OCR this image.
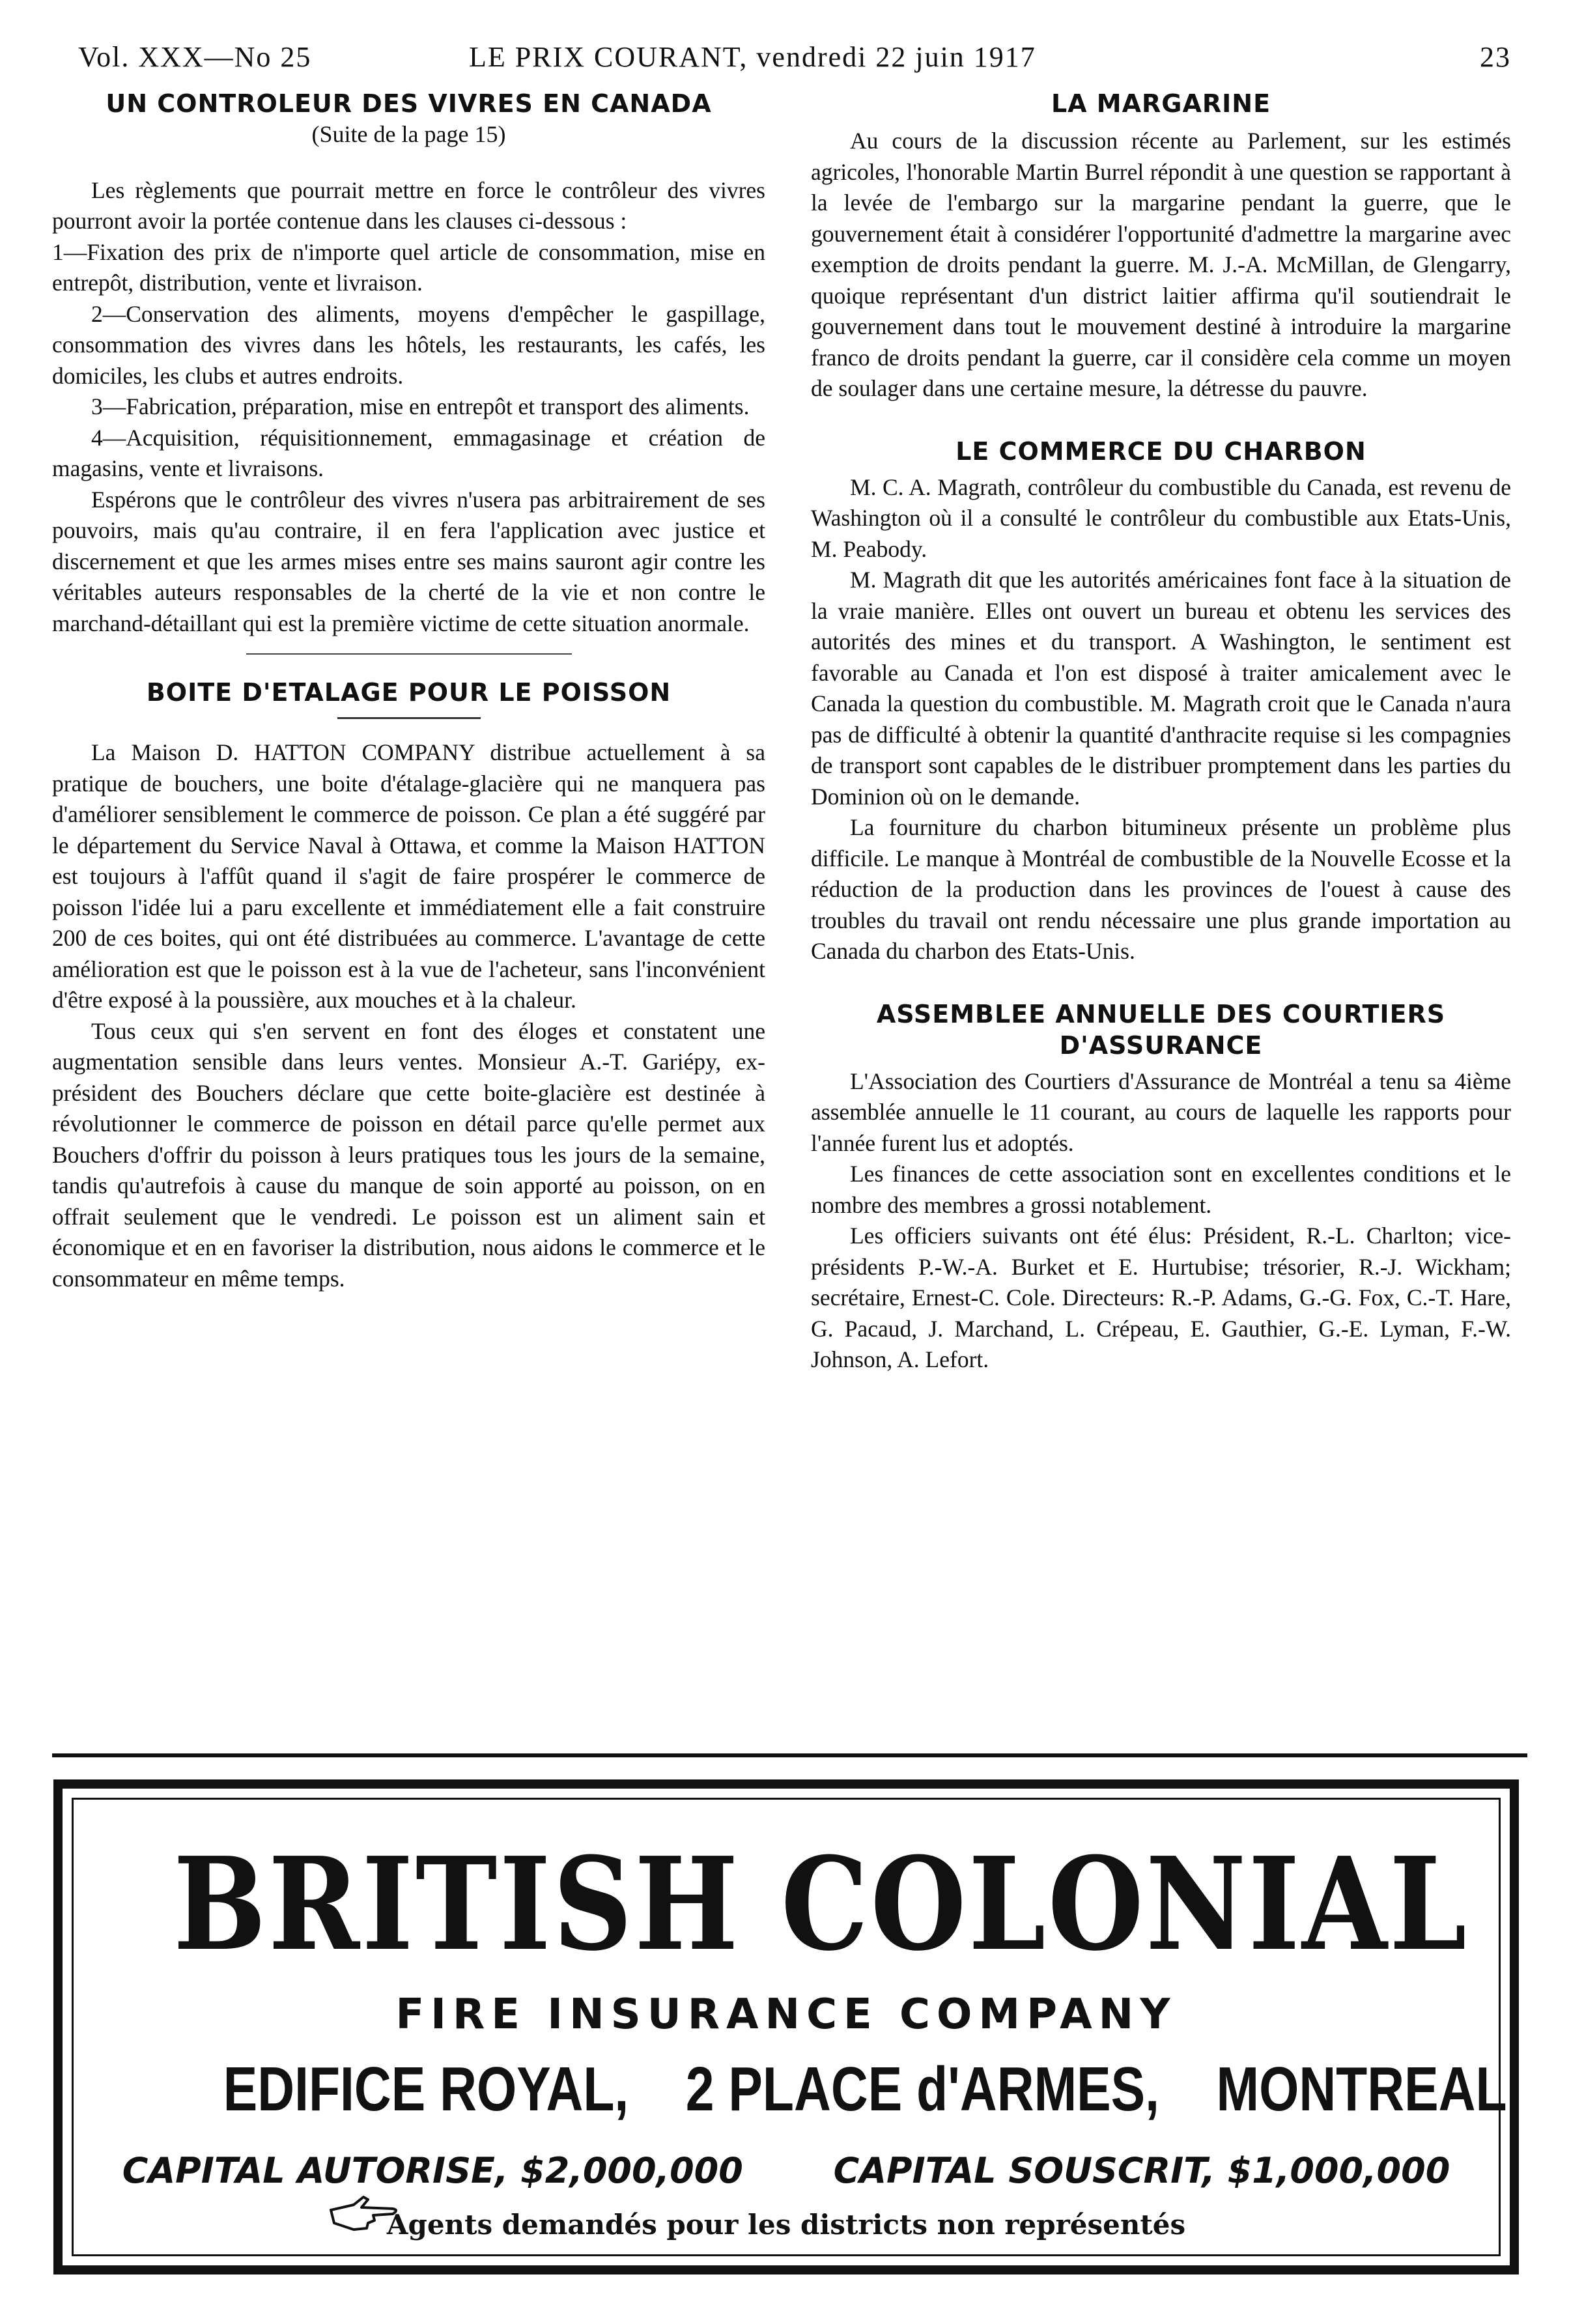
Vol. XXX—No 25	LE PRIX COURANT, vendredi 22 juin 1917	23
UN CONTROLEUR DES VIVRES EN CANADA
(Suite de la page 15)

Les règlements que pourrait mettre en force le contrôleur des vivres pourront avoir la portée contenue dans les clauses ci-dessous :

1—Fixation des prix de n'importe quel article de consommation, mise en entrepôt, distribution, vente et livraison.

2—Conservation des aliments, moyens d'empêcher le gaspillage, consommation des vivres dans les hôtels, les restaurants, les cafés, les domiciles, les clubs et autres endroits.

3—Fabrication, préparation, mise en entrepôt et transport des aliments.

4—Acquisition, réquisitionnement, emmagasinage et création de magasins, vente et livraisons.

Espérons que le contrôleur des vivres n'usera pas arbitrairement de ses pouvoirs, mais qu'au contraire, il en fera l'application avec justice et discernement et que les armes mises entre ses mains sauront agir contre les véritables auteurs responsables de la cherté de la vie et non contre le marchand-détaillant qui est la première victime de cette situation anormale.

BOITE D'ETALAGE POUR LE POISSON

La Maison D. HATTON COMPANY distribue actuellement à sa pratique de bouchers, une boite d'étalage-glacière qui ne manquera pas d'améliorer sensiblement le commerce de poisson. Ce plan a été suggéré par le département du Service Naval à Ottawa, et comme la Maison HATTON est toujours à l'affût quand il s'agit de faire prospérer le commerce de poisson l'idée lui a paru excellente et immédiatement elle a fait construire 200 de ces boites, qui ont été distribuées au commerce. L'avantage de cette amélioration est que le poisson est à la vue de l'acheteur, sans l'inconvénient d'être exposé à la poussière, aux mouches et à la chaleur.

Tous ceux qui s'en servent en font des éloges et constatent une augmentation sensible dans leurs ventes. Monsieur A.-T. Gariépy, ex-président des Bouchers déclare que cette boite-glacière est destinée à révolutionner le commerce de poisson en détail parce qu'elle permet aux Bouchers d'offrir du poisson à leurs pratiques tous les jours de la semaine, tandis qu'autrefois à cause du manque de soin apporté au poisson, on en offrait seulement que le vendredi. Le poisson est un aliment sain et économique et en en favoriser la distribution, nous aidons le commerce et le consommateur en même temps.

LA MARGARINE

Au cours de la discussion récente au Parlement, sur les estimés agricoles, l'honorable Martin Burrel répondit à une question se rapportant à la levée de l'embargo sur la margarine pendant la guerre, que le gouvernement était à considérer l'opportunité d'admettre la margarine avec exemption de droits pendant la guerre. M. J.-A. McMillan, de Glengarry, quoique représentant d'un district laitier affirma qu'il soutiendrait le gouvernement dans tout le mouvement destiné à introduire la margarine franco de droits pendant la guerre, car il considère cela comme un moyen de soulager dans une certaine mesure, la détresse du pauvre.

LE COMMERCE DU CHARBON

M. C. A. Magrath, contrôleur du combustible du Canada, est revenu de Washington où il a consulté le contrôleur du combustible aux Etats-Unis, M. Peabody.

M. Magrath dit que les autorités américaines font face à la situation de la vraie manière. Elles ont ouvert un bureau et obtenu les services des autorités des mines et du transport. A Washington, le sentiment est favorable au Canada et l'on est disposé à traiter amicalement avec le Canada la question du combustible. M. Magrath croit que le Canada n'aura pas de difficulté à obtenir la quantité d'anthracite requise si les compagnies de transport sont capables de le distribuer promptement dans les parties du Dominion où on le demande.

La fourniture du charbon bitumineux présente un problème plus difficile. Le manque à Montréal de combustible de la Nouvelle Ecosse et la réduction de la production dans les provinces de l'ouest à cause des troubles du travail ont rendu nécessaire une plus grande importation au Canada du charbon des Etats-Unis.

ASSEMBLEE ANNUELLE DES COURTIERS D'ASSURANCE

L'Association des Courtiers d'Assurance de Montréal a tenu sa 4ième assemblée annuelle le 11 courant, au cours de laquelle les rapports pour l'année furent lus et adoptés.

Les finances de cette association sont en excellentes conditions et le nombre des membres a grossi notablement.

Les officiers suivants ont été élus: Président, R.-L. Charlton; vice-présidents P.-W.-A. Burket et E. Hurtubise; trésorier, R.-J. Wickham; secrétaire, Ernest-C. Cole. Directeurs: R.-P. Adams, G.-G. Fox, C.-T. Hare, G. Pacaud, J. Marchand, L. Crépeau, E. Gauthier, G.-E. Lyman, F.-W. Johnson, A. Lefort.

BRITISH COLONIAL
FIRE INSURANCE COMPANY
EDIFICE ROYAL, 2 PLACE d'ARMES, MONTREAL
CAPITAL AUTORISE, $2,000,000	CAPITAL SOUSCRIT, $1,000,000
Agents demandés pour les districts non représentés
